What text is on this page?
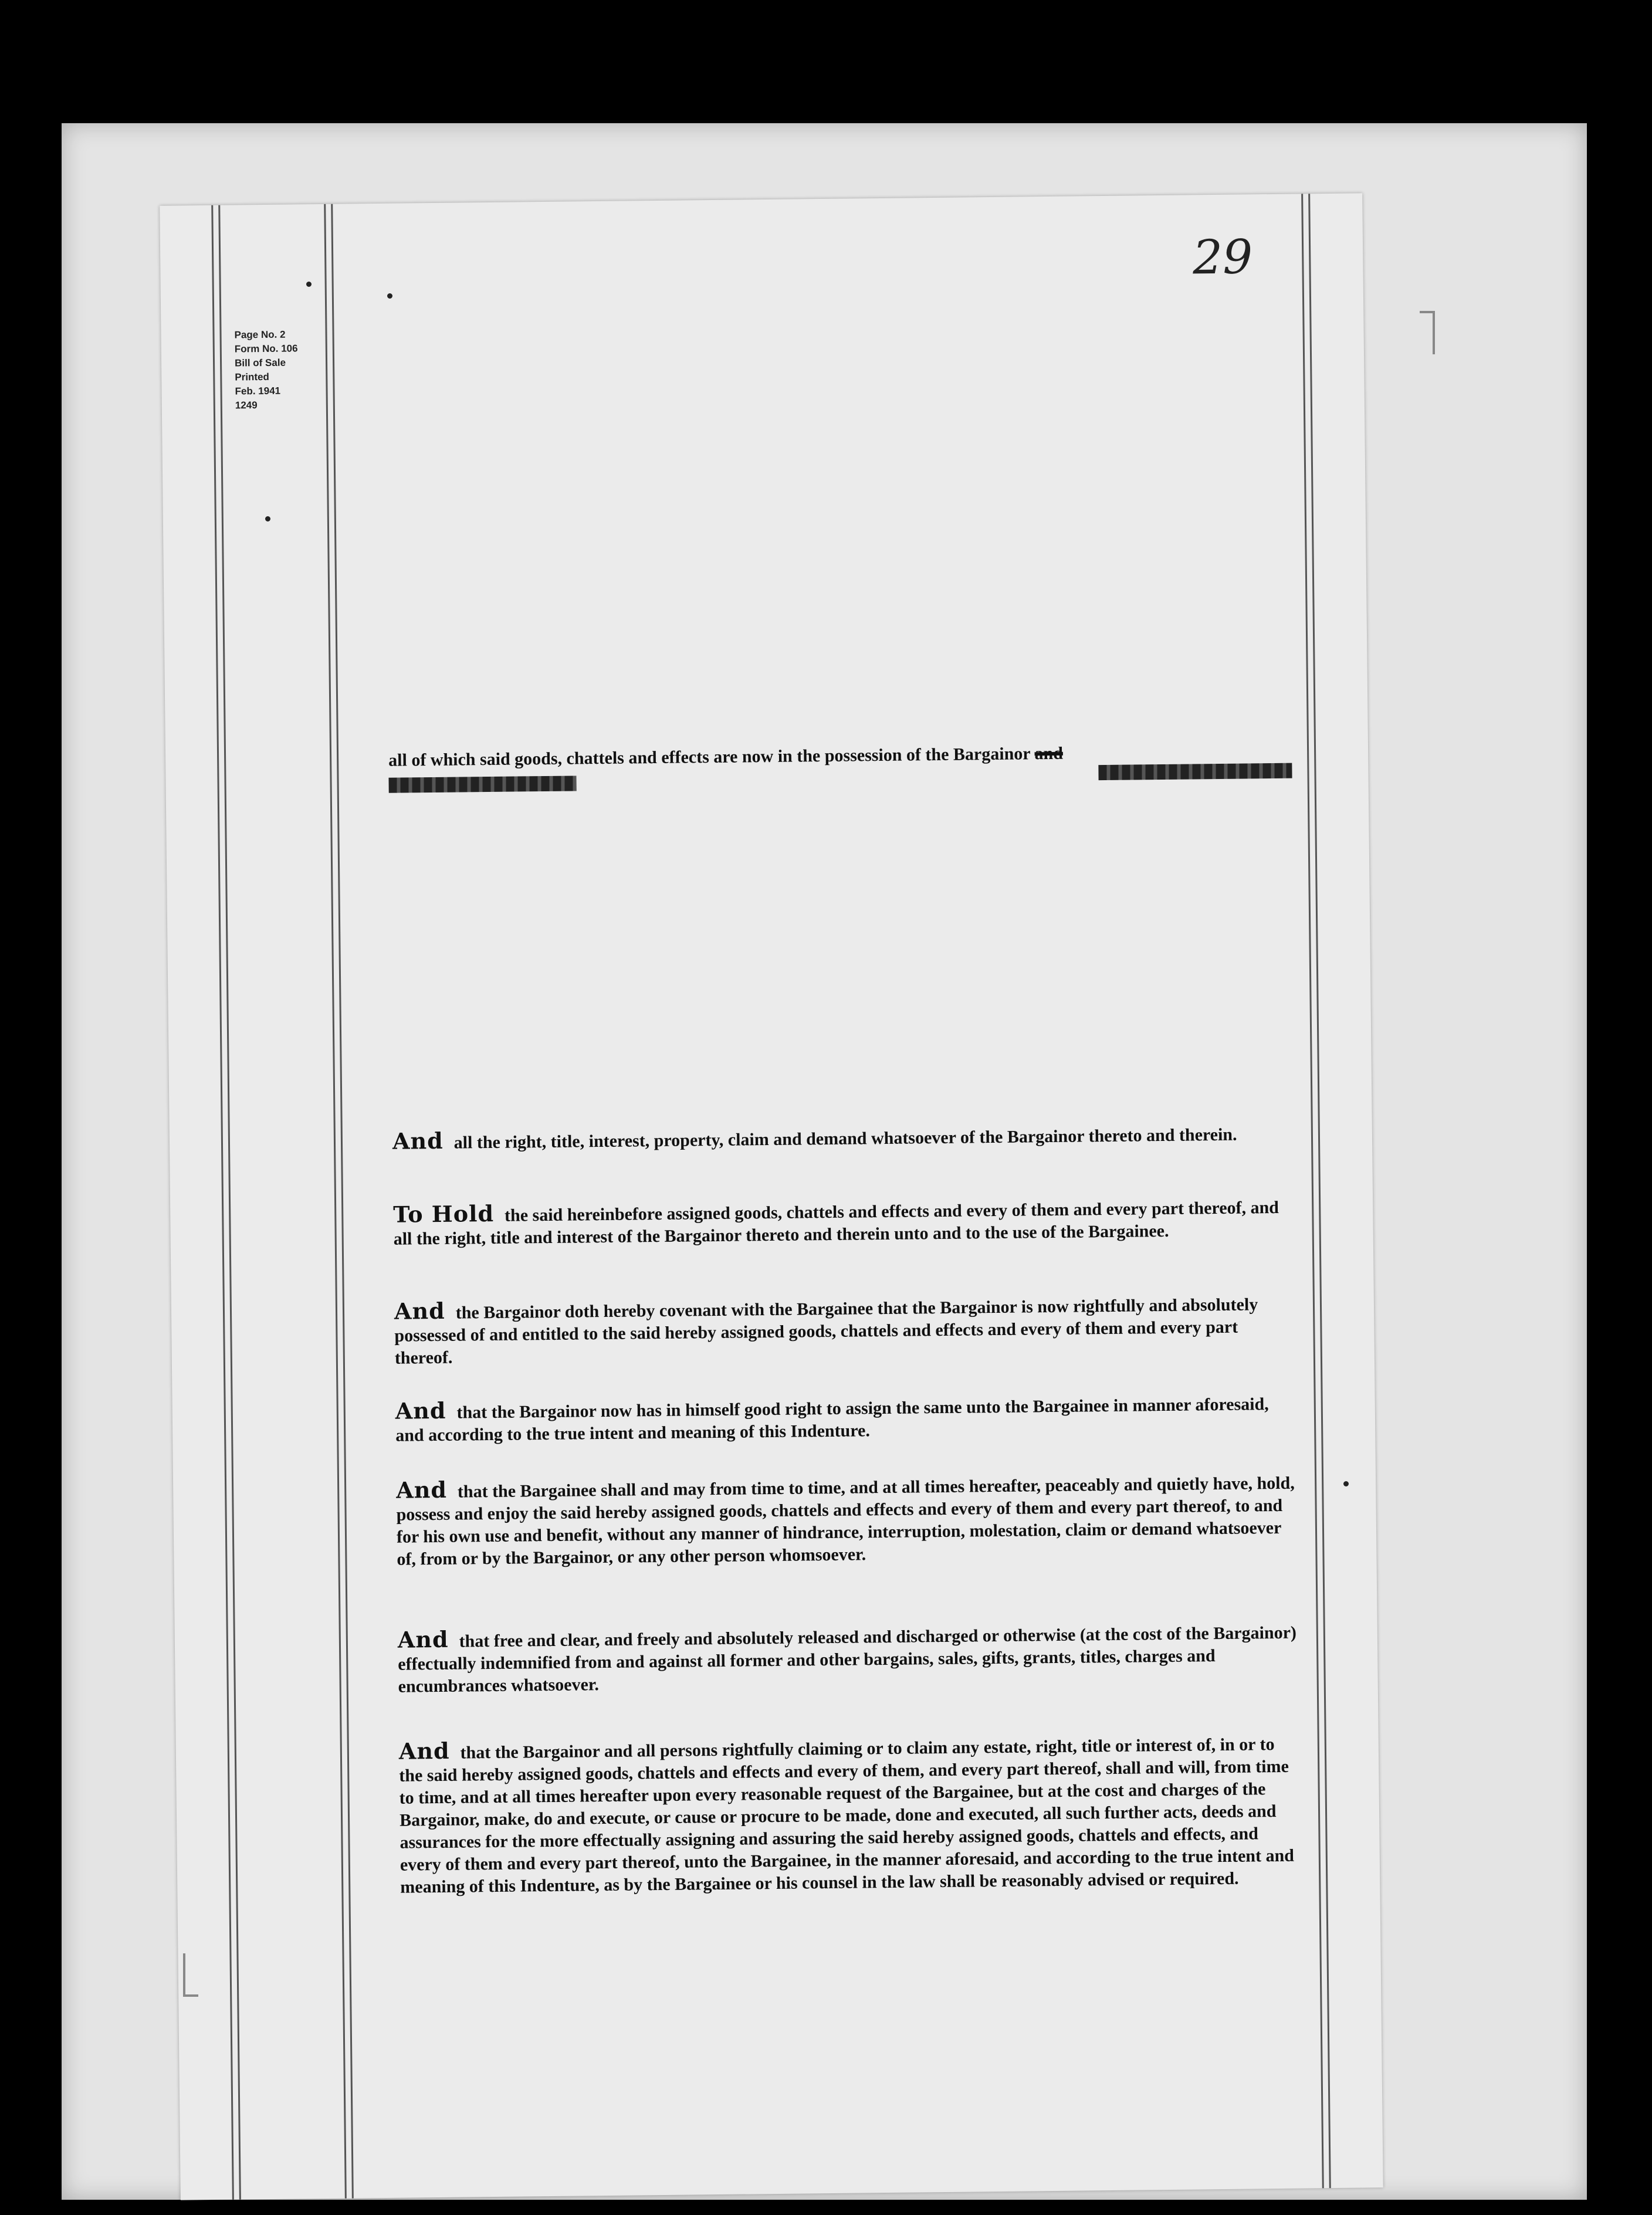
Page No. 2
Form No. 106
Bill of Sale
Printed
Feb. 1941
1249
29
all of which said goods, chattels and effects are now in the possession of the Bargainor and

And all the right, title, interest, property, claim and demand whatsoever of the Bargainor thereto and therein.
To Hold the said hereinbefore assigned goods, chattels and effects and every of them and every part thereof, and all the right, title and interest of the Bargainor thereto and therein unto and to the use of the Bargainee.
And the Bargainor doth hereby covenant with the Bargainee that the Bargainor is now rightfully and absolutely possessed of and entitled to the said hereby assigned goods, chattels and effects and every of them and every part thereof.
And that the Bargainor now has in himself good right to assign the same unto the Bargainee in manner aforesaid, and according to the true intent and meaning of this Indenture.
And that the Bargainee shall and may from time to time, and at all times hereafter, peaceably and quietly have, hold, possess and enjoy the said hereby assigned goods, chattels and effects and every of them and every part thereof, to and for his own use and benefit, without any manner of hindrance, interruption, molestation, claim or demand whatsoever of, from or by the Bargainor, or any other person whomsoever.
And that free and clear, and freely and absolutely released and discharged or otherwise (at the cost of the Bargainor) effectually indemnified from and against all former and other bargains, sales, gifts, grants, titles, charges and encumbrances whatsoever.
And that the Bargainor and all persons rightfully claiming or to claim any estate, right, title or interest of, in or to the said hereby assigned goods, chattels and effects and every of them, and every part thereof, shall and will, from time to time, and at all times hereafter upon every reasonable request of the Bargainee, but at the cost and charges of the Bargainor, make, do and execute, or cause or procure to be made, done and executed, all such further acts, deeds and assurances for the more effectually assigning and assuring the said hereby assigned goods, chattels and effects, and every of them and every part thereof, unto the Bargainee, in the manner aforesaid, and according to the true intent and meaning of this Indenture, as by the Bargainee or his counsel in the law shall be reasonably advised or required.
